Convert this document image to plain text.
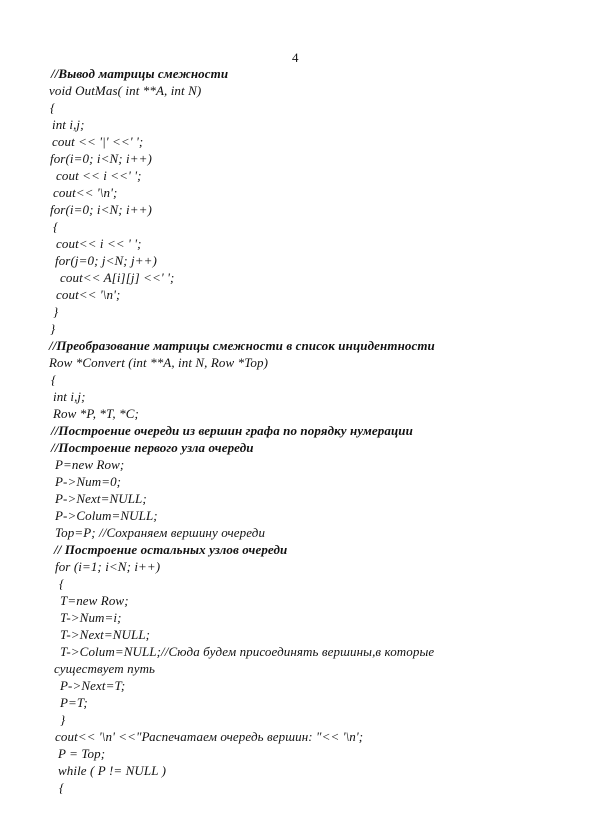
4
//Вывод матрицы смежности
void OutMas( int **A, int N)
{
int i,j;
cout << '|' <<' ';
for(i=0; i<N; i++)
cout << i <<' ';
cout<< '\n';
for(i=0; i<N; i++)
{
cout<< i << ' ';
for(j=0; j<N; j++)
cout<< A[i][j] <<' ';
cout<< '\n';
}
}
//Преобразование матрицы смежности в список инцидентности
Row *Convert (int **A, int N, Row *Top)
{
int i,j;
Row *P, *T, *C;
//Построение очереди из вершин графа по порядку нумерации
//Построение первого узла очереди
P=new Row;
P->Num=0;
P->Next=NULL;
P->Colum=NULL;
Top=P; //Сохраняем вершину очереди
// Построение остальных узлов очереди
for (i=1; i<N; i++)
{
T=new Row;
T->Num=i;
T->Next=NULL;
T->Colum=NULL;//Сюда будем присоединять вершины,в которые
существует путь
P->Next=T;
P=T;
}
cout<< '\n' <<"Распечатаем очередь вершин: "<< '\n';
P = Top;
while ( P != NULL )
{
